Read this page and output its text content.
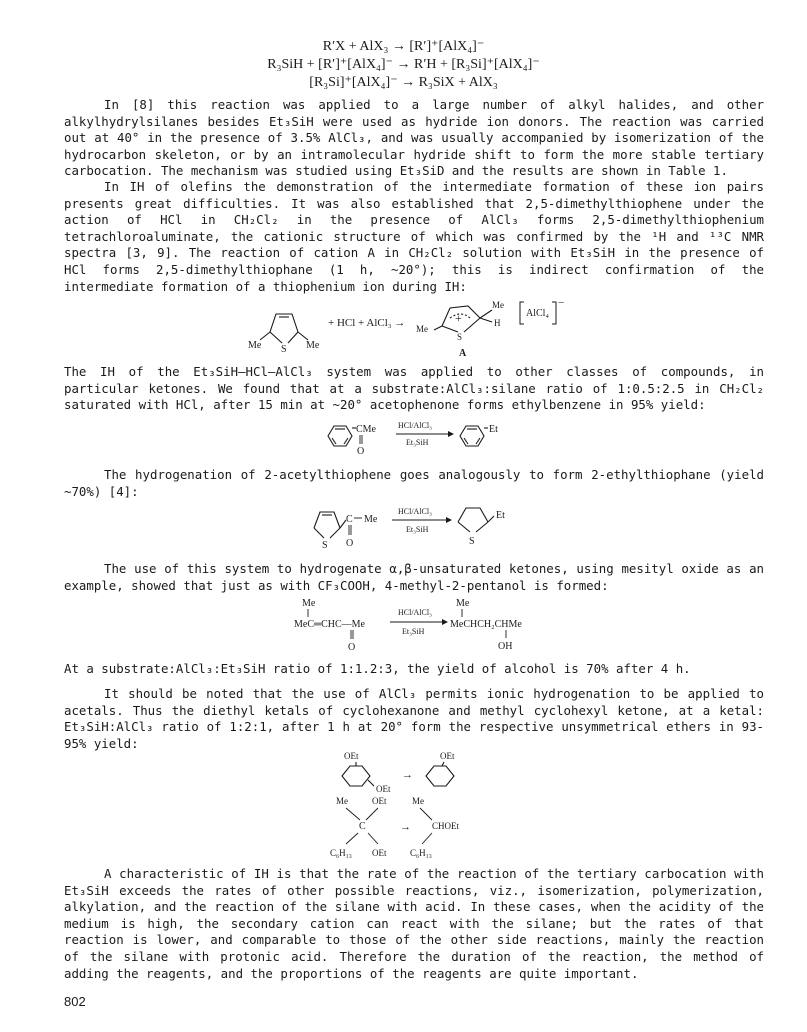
R′X + AlX₃ → [R′]⁺[AlX₄]⁻
R₃SiH + [R′]⁺[AlX₄]⁻ → R′H + [R₃Si]⁺[AlX₄]⁻
[R₃Si]⁺[AlX₄]⁻ → R₃SiX + AlX₃

In [8] this reaction was applied to a large number of alkyl halides, and other alkylhydrylsilanes besides Et₃SiH were used as hydride ion donors. The reaction was carried out at 40° in the presence of 3.5% AlCl₃, and was usually accompanied by isomerization of the hydrocarbon skeleton, or by an intramolecular hydride shift to form the more stable tertiary carbocation. The mechanism was studied using Et₃SiD and the results are shown in Table 1.

In IH of olefins the demonstration of the intermediate formation of these ion pairs presents great difficulties. It was also established that 2,5-dimethylthiophene under the action of HCl in CH₂Cl₂ in the presence of AlCl₃ forms 2,5-dimethylthiophenium tetrachloroaluminate, the cationic structure of which was confirmed by the ¹H and ¹³C NMR spectra [3, 9]. The reaction of cation A in CH₂Cl₂ solution with Et₃SiH in the presence of HCl forms 2,5-dimethylthiophane (1 h, ~20°); this is indirect confirmation of the intermediate formation of a thiophenium ion during IH:

Me S Me
+ HCl + AlCl₃ →	+
Me
H
Me
S
AlCl₄
−
A

The IH of the Et₃SiH—HCl—AlCl₃ system was applied to other classes of compounds, in particular ketones. We found that at a substrate:AlCl₃:silane ratio of 1:0.5:2.5 in CH₂Cl₂ saturated with HCl, after 15 min at ~20° acetophenone forms ethylbenzene in 95% yield:

CMe
O
HCl/AlCl₃
Et₃SiH
Et

The hydrogenation of 2-acetylthiophene goes analogously to form 2-ethylthiophane (yield ~70%) [4]:

S
C Me
O
HCl/AlCl₃
Et₃SiH
S
Et

The use of this system to hydrogenate α,β-unsaturated ketones, using mesityl oxide as an example, showed that just as with CF₃COOH, 4-methyl-2-pentanol is formed:

Me
MeC═CHC—Me
O
HCl/AlCl₃
Et₃SiH
Me
MeCHCH₂CHMe
OH

At a substrate:AlCl₃:Et₃SiH ratio of 1:1.2:3, the yield of alcohol is 70% after 4 h.

It should be noted that the use of AlCl₃ permits ionic hydrogenation to be applied to acetals. Thus the diethyl ketals of cyclohexanone and methyl cyclohexyl ketone, at a ketal: Et₃SiH:AlCl₃ ratio of 1:2:1, after 1 h at 20° form the respective unsymmetrical ethers in 93-95% yield:

OEt	OEt
OEt
→
Me	OEt	Me
C	→ CHOEt
C₆H₁₃ OEt	C₆H₁₃

A characteristic of IH is that the rate of the reaction of the tertiary carbocation with Et₃SiH exceeds the rates of other possible reactions, viz., isomerization, polymerization, alkylation, and the reaction of the silane with acid. In these cases, when the acidity of the medium is high, the secondary cation can react with the silane; but the rates of that reaction is lower, and comparable to those of the other side reactions, mainly the reaction of the silane with protonic acid. Therefore the duration of the reaction, the method of adding the reagents, and the proportions of the reagents are quite important.

802
